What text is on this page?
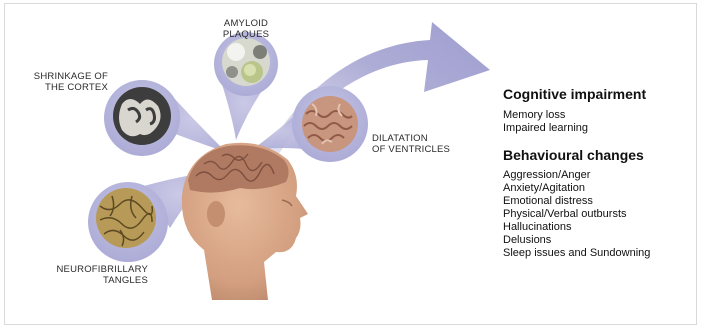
AMYLOID
PLAQUES
SHRINKAGE OF
THE CORTEX
DILATATION
OF VENTRICLES
NEUROFIBRILLARY
TANGLES
Cognitive impairment
Memory loss
Impaired learning
Behavioural changes
Aggression/Anger
Anxiety/Agitation
Emotional distress
Physical/Verbal outbursts
Hallucinations
Delusions
Sleep issues and Sundowning
